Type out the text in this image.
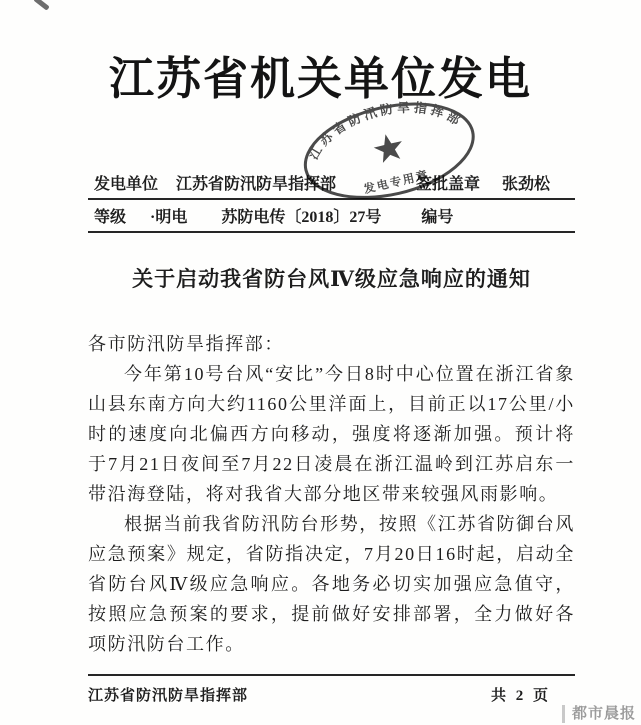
江苏省机关单位发电
江苏省防汛防旱指挥部
发电专用章
发电单位 江苏省防汛防旱指挥部	签批盖章 张劲松
等级 ·明电 苏防电传〔2018〕27号	编号
关于启动我省防台风Ⅳ级应急响应的通知

各市防汛防旱指挥部：

今年第10号台风“安比”今日8时中心位置在浙江省象山县东南方向大约1160公里洋面上，目前正以17公里/小时的速度向北偏西方向移动，强度将逐渐加强。预计将于7月21日夜间至7月22日凌晨在浙江温岭到江苏启东一带沿海登陆，将对我省大部分地区带来较强风雨影响。

根据当前我省防汛防台形势，按照《江苏省防御台风应急预案》规定，省防指决定，7月20日16时起，启动全省防台风Ⅳ级应急响应。各地务必切实加强应急值守，按照应急预案的要求，提前做好安排部署，全力做好各项防汛防台工作。

江苏省防汛防旱指挥部	共 2 页
都市晨报
